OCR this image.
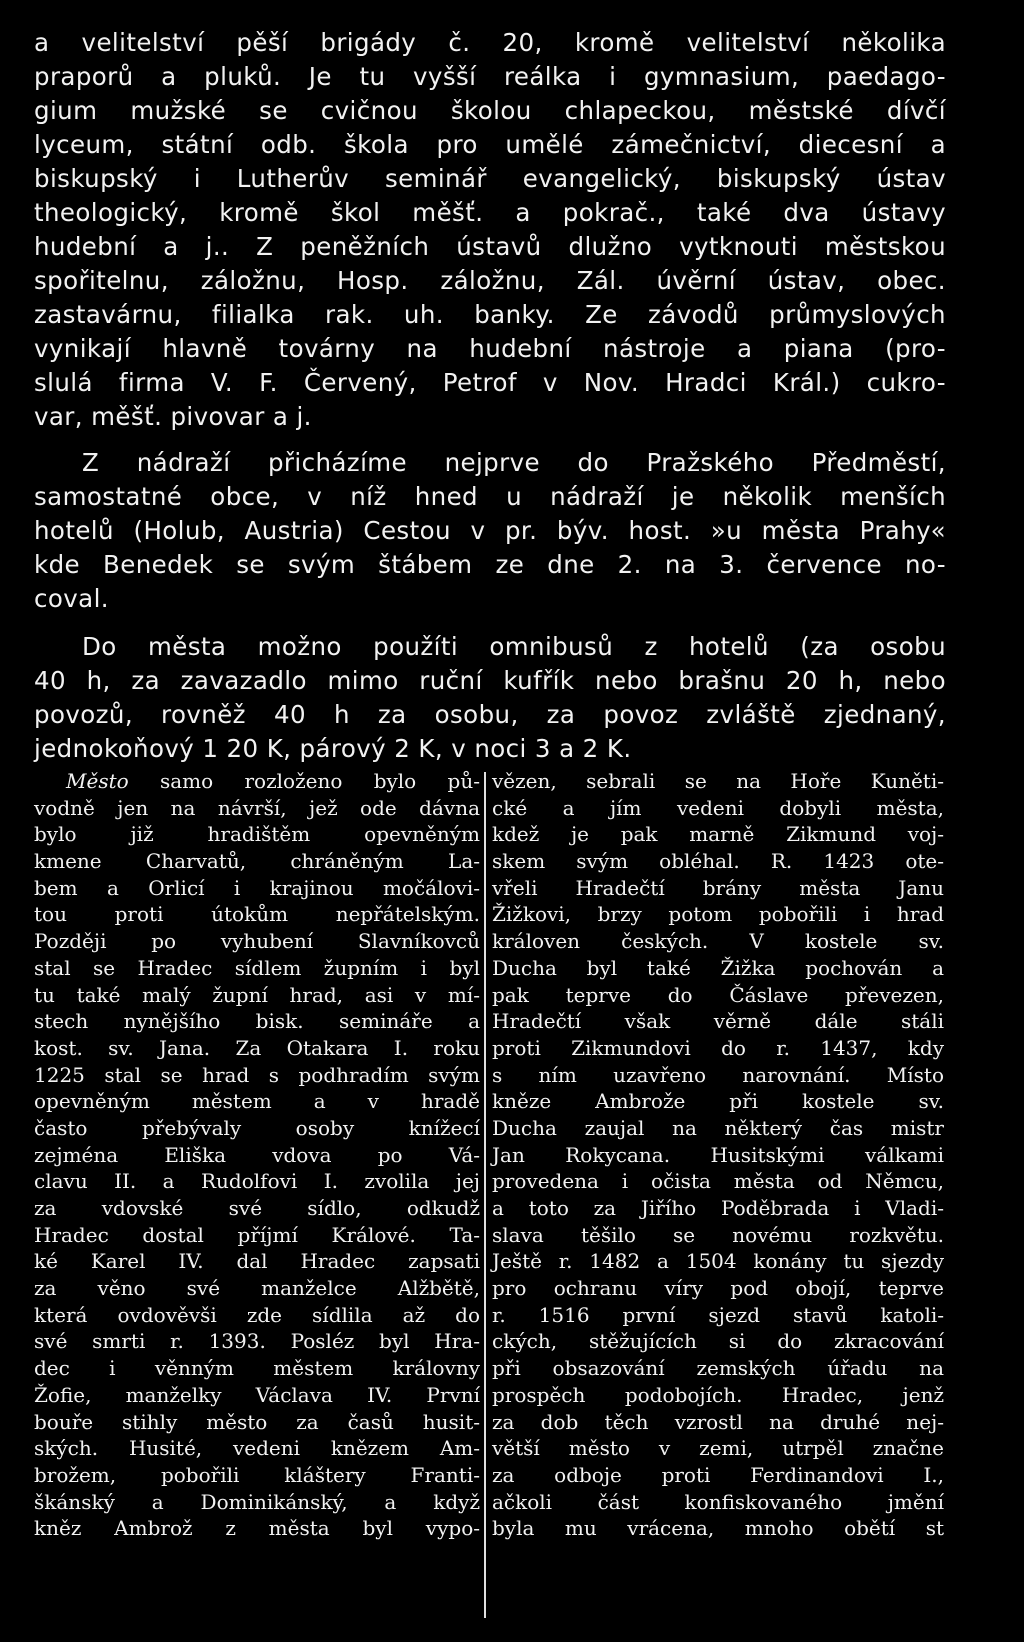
a velitelství pěší brigády č. 20, kromě velitelství několika
praporů a pluků. Je tu vyšší reálka i gymnasium, paedago-
gium mužské se cvičnou školou chlapeckou, městské dívčí
lyceum, státní odb. škola pro umělé zámečnictví, diecesní a
biskupský i Lutherův seminář evangelický, biskupský ústav
theologický, kromě škol měšť. a pokrač., také dva ústavy
hudební a j.. Z peněžních ústavů dlužno vytknouti městskou
spořitelnu, záložnu, Hosp. záložnu, Zál. úvěrní ústav, obec.
zastavárnu, filialka rak. uh. banky. Ze závodů průmyslových
vynikají hlavně továrny na hudební nástroje a piana (pro-
slulá firma V. F. Červený, Petrof v Nov. Hradci Král.) cukro-
var, měšť. pivovar a j.
Z nádraží přicházíme nejprve do Pražského Předměstí,
samostatné obce, v níž hned u nádraží je několik menších
hotelů (Holub, Austria) Cestou v pr. býv. host. »u města Prahy«
kde Benedek se svým štábem ze dne 2. na 3. července no-
coval.
Do města možno použíti omnibusů z hotelů (za osobu
40 h, za zavazadlo mimo ruční kufřík nebo brašnu 20 h, nebo
povozů, rovněž 40 h za osobu, za povoz zvláště zjednaný,
jednokoňový 1 20 K, párový 2 K, v noci 3 a 2 K.
Město samo rozloženo bylo pů-
vodně jen na návrší, jež ode dávna
bylo již hradištěm opevněným
kmene Charvatů, chráněným La-
bem a Orlicí i krajinou močálovi-
tou proti útokům nepřátelským.
Později po vyhubení Slavníkovců
stal se Hradec sídlem župním i byl
tu také malý župní hrad, asi v mí-
stech nynějšího bisk. semináře a
kost. sv. Jana. Za Otakara I. roku
1225 stal se hrad s podhradím svým
opevněným městem a v hradě
často přebývaly osoby knížecí
zejména Eliška vdova po Vá-
clavu II. a Rudolfovi I. zvolila jej
za vdovské své sídlo, odkudž
Hradec dostal příjmí Králové. Ta-
ké Karel IV. dal Hradec zapsati
za věno své manželce Alžbětě,
která ovdověvši zde sídlila až do
své smrti r. 1393. Posléz byl Hra-
dec i věnným městem královny
Žofie, manželky Václava IV. První
bouře stihly město za časů husit-
ských. Husité, vedeni knězem Am-
brožem, pobořili kláštery Franti-
škánský a Dominikánský, a když
kněz Ambrož z města byl vypo-
vězen, sebrali se na Hoře Kuněti-
cké a jím vedeni dobyli města,
kdež je pak marně Zikmund voj-
skem svým obléhal. R. 1423 ote-
vřeli Hradečtí brány města Janu
Žižkovi, brzy potom pobořili i hrad
královen českých. V kostele sv.
Ducha byl také Žižka pochován a
pak teprve do Čáslave převezen,
Hradečtí však věrně dále stáli
proti Zikmundovi do r. 1437, kdy
s ním uzavřeno narovnání. Místo
kněze Ambrože při kostele sv.
Ducha zaujal na některý čas mistr
Jan Rokycana. Husitskými válkami
provedena i očista města od Němcu,
a toto za Jiřího Poděbrada i Vladi-
slava těšilo se novému rozkvětu.
Ještě r. 1482 a 1504 konány tu sjezdy
pro ochranu víry pod obojí, teprve
r. 1516 první sjezd stavů katoli-
ckých, stěžujících si do zkracování
při obsazování zemských úřadu na
prospěch podobojích. Hradec, jenž
za dob těch vzrostl na druhé nej-
větší město v zemi, utrpěl značne
za odboje proti Ferdinandovi I.,
ačkoli část konfiskovaného jmění
byla mu vrácena, mnoho obětí st
